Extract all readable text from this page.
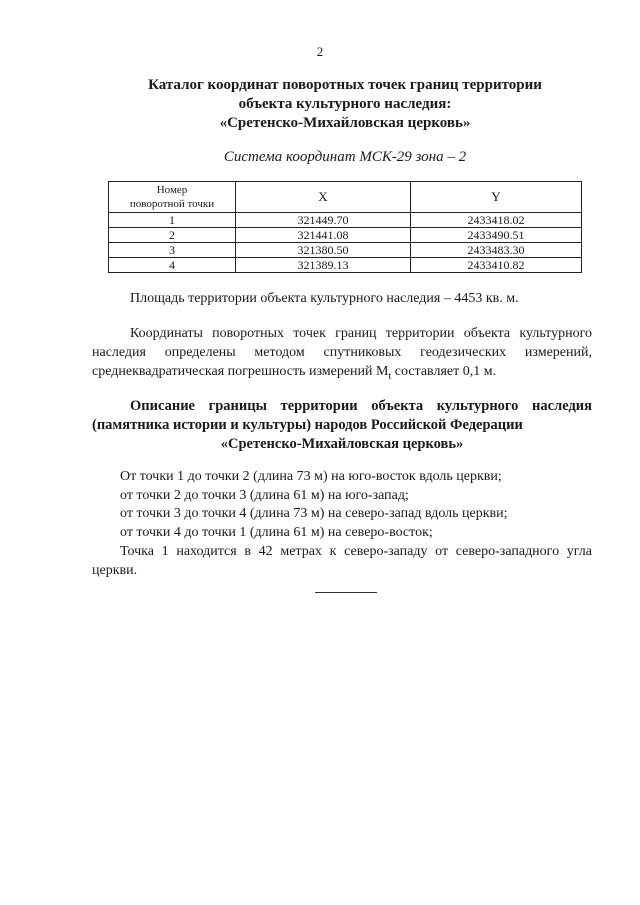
2
Каталог координат поворотных точек границ территории
объекта культурного наследия:
«Сретенско-Михайловская церковь»
Система координат МСК-29 зона – 2
Номер
поворотной точки	X	Y
1	321449.70	2433418.02
2	321441.08	2433490.51
3	321380.50	2433483.30
4	321389.13	2433410.82
Площадь территории объекта культурного наследия – 4453 кв. м.
Координаты поворотных точек границ территории объекта культурного
наследия определены методом спутниковых геодезических измерений,
среднеквадратическая погрешность измерений $M_t$ составляет 0,1 м.
Описание границы территории объекта культурного наследия
(памятника истории и культуры) народов Российской Федерации
«Сретенско-Михайловская церковь»
От точки 1 до точки 2 (длина 73 м) на юго-восток вдоль церкви;
от точки 2 до точки 3 (длина 61 м) на юго-запад;
от точки 3 до точки 4 (длина 73 м) на северо-запад вдоль церкви;
от точки 4 до точки 1 (длина 61 м) на северо-восток;
Точка 1 находится в 42 метрах к северо-западу от северо-западного угла
церкви.
